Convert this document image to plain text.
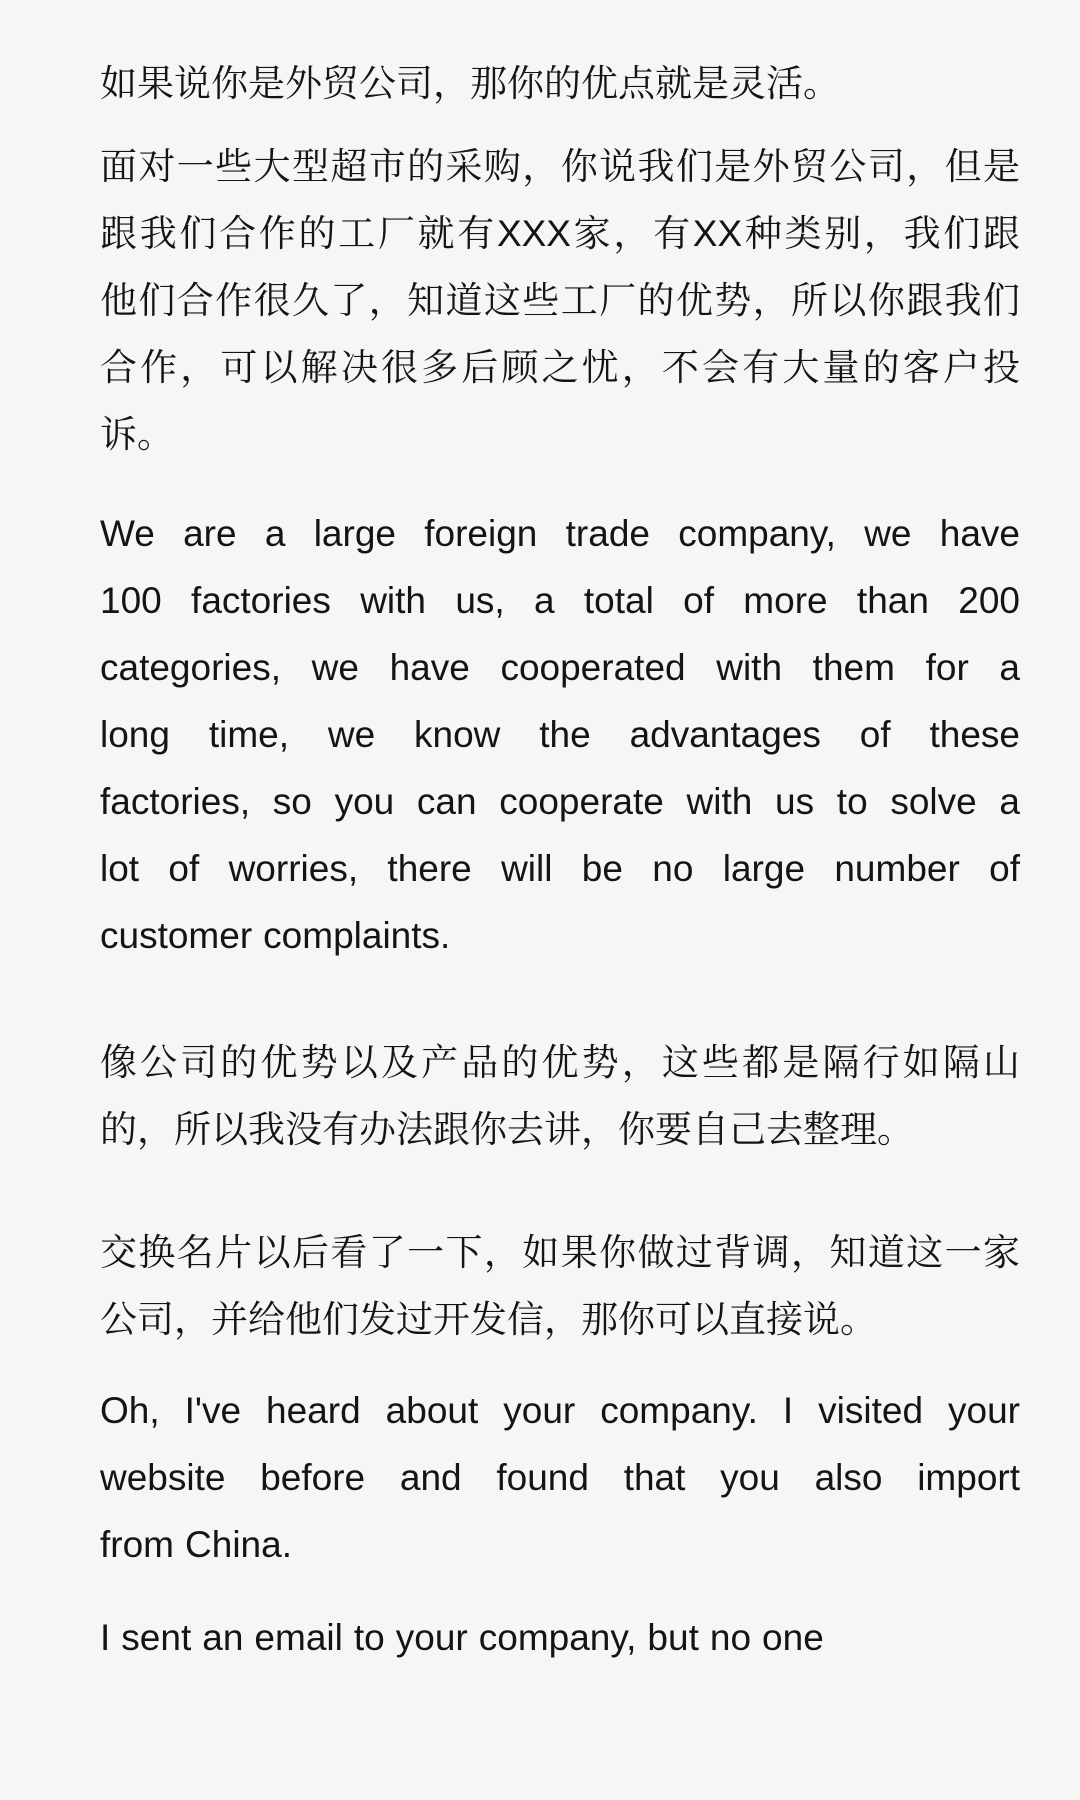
如果说你是外贸公司，那你的优点就是灵活。
面对一些大型超市的采购，你说我们是外贸公司，但是
跟我们合作的工厂就有XXX家，有XX种类别，我们跟
他们合作很久了，知道这些工厂的优势，所以你跟我们
合作，可以解决很多后顾之忧，不会有大量的客户投
诉。
We are a large foreign trade company, we have
100 factories with us, a total of more than 200
categories, we have cooperated with them for a
long time, we know the advantages of these
factories, so you can cooperate with us to solve a
lot of worries, there will be no large number of
customer complaints.
像公司的优势以及产品的优势，这些都是隔行如隔山
的，所以我没有办法跟你去讲，你要自己去整理。
交换名片以后看了一下，如果你做过背调，知道这一家
公司，并给他们发过开发信，那你可以直接说。
Oh, I've heard about your company. I visited your
website before and found that you also import
from China.
I sent an email to your company, but no one
